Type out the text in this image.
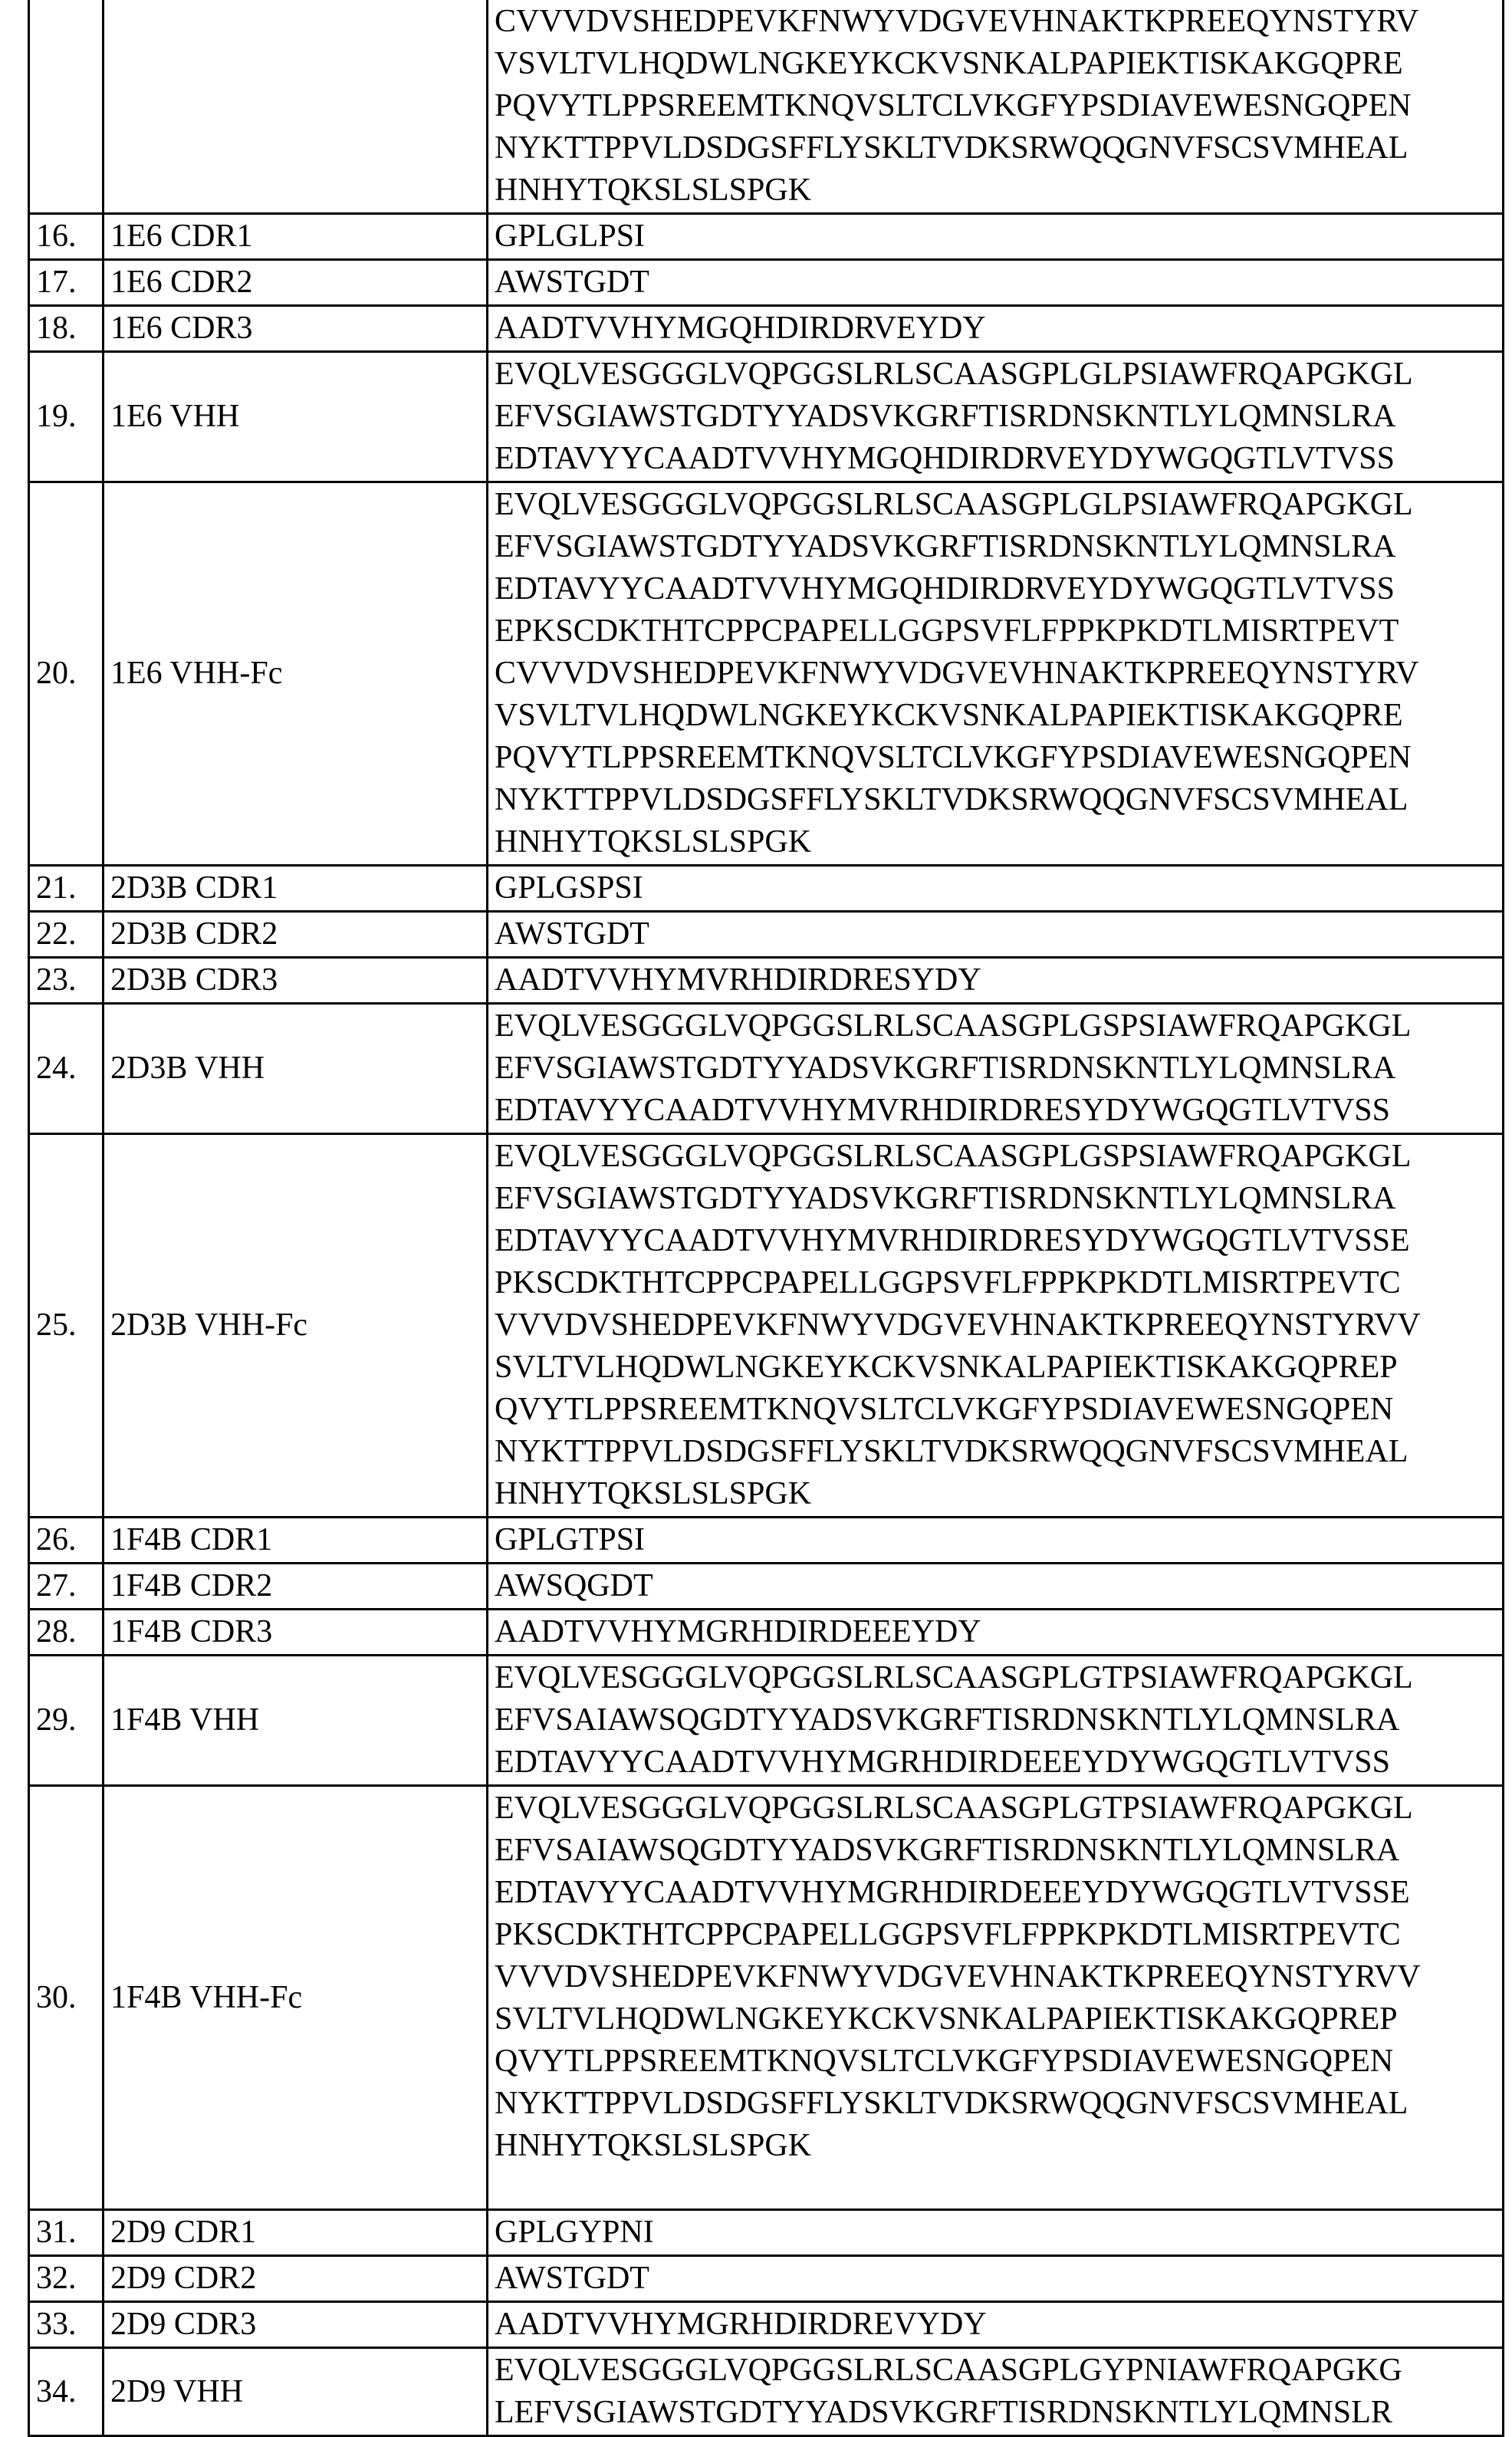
		CVVVDVSHEDPEVKFNWYVDGVEVHNAKTKPREEQYNSTYRV
VSVLTVLHQDWLNGKEYKCKVSNKALPAPIEKTISKAKGQPRE
PQVYTLPPSREEMTKNQVSLTCLVKGFYPSDIAVEWESNGQPEN
NYKTTPPVLDSDGSFFLYSKLTVDKSRWQQGNVFSCSVMHEAL
HNHYTQKSLSLSPGK
16.	1E6 CDR1	GPLGLPSI
17.	1E6 CDR2	AWSTGDT
18.	1E6 CDR3	AADTVVHYMGQHDIRDRVEYDY
19.	1E6 VHH	EVQLVESGGGLVQPGGSLRLSCAASGPLGLPSIAWFRQAPGKGL
EFVSGIAWSTGDTYYADSVKGRFTISRDNSKNTLYLQMNSLRA
EDTAVYYCAADTVVHYMGQHDIRDRVEYDYWGQGTLVTVSS
20.	1E6 VHH-Fc	EVQLVESGGGLVQPGGSLRLSCAASGPLGLPSIAWFRQAPGKGL
EFVSGIAWSTGDTYYADSVKGRFTISRDNSKNTLYLQMNSLRA
EDTAVYYCAADTVVHYMGQHDIRDRVEYDYWGQGTLVTVSS
EPKSCDKTHTCPPCPAPELLGGPSVFLFPPKPKDTLMISRTPEVT
CVVVDVSHEDPEVKFNWYVDGVEVHNAKTKPREEQYNSTYRV
VSVLTVLHQDWLNGKEYKCKVSNKALPAPIEKTISKAKGQPRE
PQVYTLPPSREEMTKNQVSLTCLVKGFYPSDIAVEWESNGQPEN
NYKTTPPVLDSDGSFFLYSKLTVDKSRWQQGNVFSCSVMHEAL
HNHYTQKSLSLSPGK
21.	2D3B CDR1	GPLGSPSI
22.	2D3B CDR2	AWSTGDT
23.	2D3B CDR3	AADTVVHYMVRHDIRDRESYDY
24.	2D3B VHH	EVQLVESGGGLVQPGGSLRLSCAASGPLGSPSIAWFRQAPGKGL
EFVSGIAWSTGDTYYADSVKGRFTISRDNSKNTLYLQMNSLRA
EDTAVYYCAADTVVHYMVRHDIRDRESYDYWGQGTLVTVSS
25.	2D3B VHH-Fc	EVQLVESGGGLVQPGGSLRLSCAASGPLGSPSIAWFRQAPGKGL
EFVSGIAWSTGDTYYADSVKGRFTISRDNSKNTLYLQMNSLRA
EDTAVYYCAADTVVHYMVRHDIRDRESYDYWGQGTLVTVSSE
PKSCDKTHTCPPCPAPELLGGPSVFLFPPKPKDTLMISRTPEVTC
VVVDVSHEDPEVKFNWYVDGVEVHNAKTKPREEQYNSTYRVV
SVLTVLHQDWLNGKEYKCKVSNKALPAPIEKTISKAKGQPREP
QVYTLPPSREEMTKNQVSLTCLVKGFYPSDIAVEWESNGQPEN
NYKTTPPVLDSDGSFFLYSKLTVDKSRWQQGNVFSCSVMHEAL
HNHYTQKSLSLSPGK
26.	1F4B CDR1	GPLGTPSI
27.	1F4B CDR2	AWSQGDT
28.	1F4B CDR3	AADTVVHYMGRHDIRDEEEYDY
29.	1F4B VHH	EVQLVESGGGLVQPGGSLRLSCAASGPLGTPSIAWFRQAPGKGL
EFVSAIAWSQGDTYYADSVKGRFTISRDNSKNTLYLQMNSLRA
EDTAVYYCAADTVVHYMGRHDIRDEEEYDYWGQGTLVTVSS
30.	1F4B VHH-Fc	EVQLVESGGGLVQPGGSLRLSCAASGPLGTPSIAWFRQAPGKGL
EFVSAIAWSQGDTYYADSVKGRFTISRDNSKNTLYLQMNSLRA
EDTAVYYCAADTVVHYMGRHDIRDEEEYDYWGQGTLVTVSSE
PKSCDKTHTCPPCPAPELLGGPSVFLFPPKPKDTLMISRTPEVTC
VVVDVSHEDPEVKFNWYVDGVEVHNAKTKPREEQYNSTYRVV
SVLTVLHQDWLNGKEYKCKVSNKALPAPIEKTISKAKGQPREP
QVYTLPPSREEMTKNQVSLTCLVKGFYPSDIAVEWESNGQPEN
NYKTTPPVLDSDGSFFLYSKLTVDKSRWQQGNVFSCSVMHEAL
HNHYTQKSLSLSPGK
31.	2D9 CDR1	GPLGYPNI
32.	2D9 CDR2	AWSTGDT
33.	2D9 CDR3	AADTVVHYMGRHDIRDREVYDY
34.	2D9 VHH	EVQLVESGGGLVQPGGSLRLSCAASGPLGYPNIAWFRQAPGKG
LEFVSGIAWSTGDTYYADSVKGRFTISRDNSKNTLYLQMNSLR
